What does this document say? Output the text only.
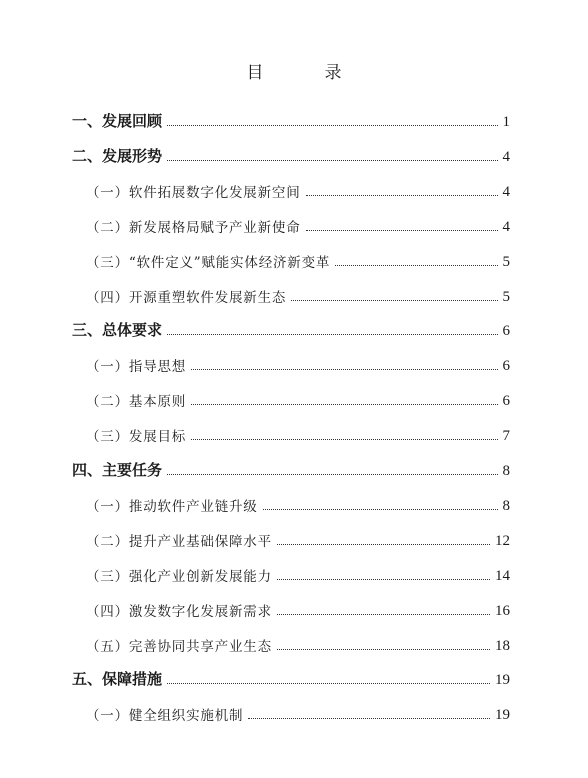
目　录
一、发展回顾	1
二、发展形势	4
（一）软件拓展数字化发展新空间	4
（二）新发展格局赋予产业新使命	4
（三）“软件定义”赋能实体经济新变革	5
（四）开源重塑软件发展新生态	5
三、总体要求	6
（一）指导思想	6
（二）基本原则	6
（三）发展目标	7
四、主要任务	8
（一）推动软件产业链升级	8
（二）提升产业基础保障水平	12
（三）强化产业创新发展能力	14
（四）激发数字化发展新需求	16
（五）完善协同共享产业生态	18
五、保障措施	19
（一）健全组织实施机制	19
